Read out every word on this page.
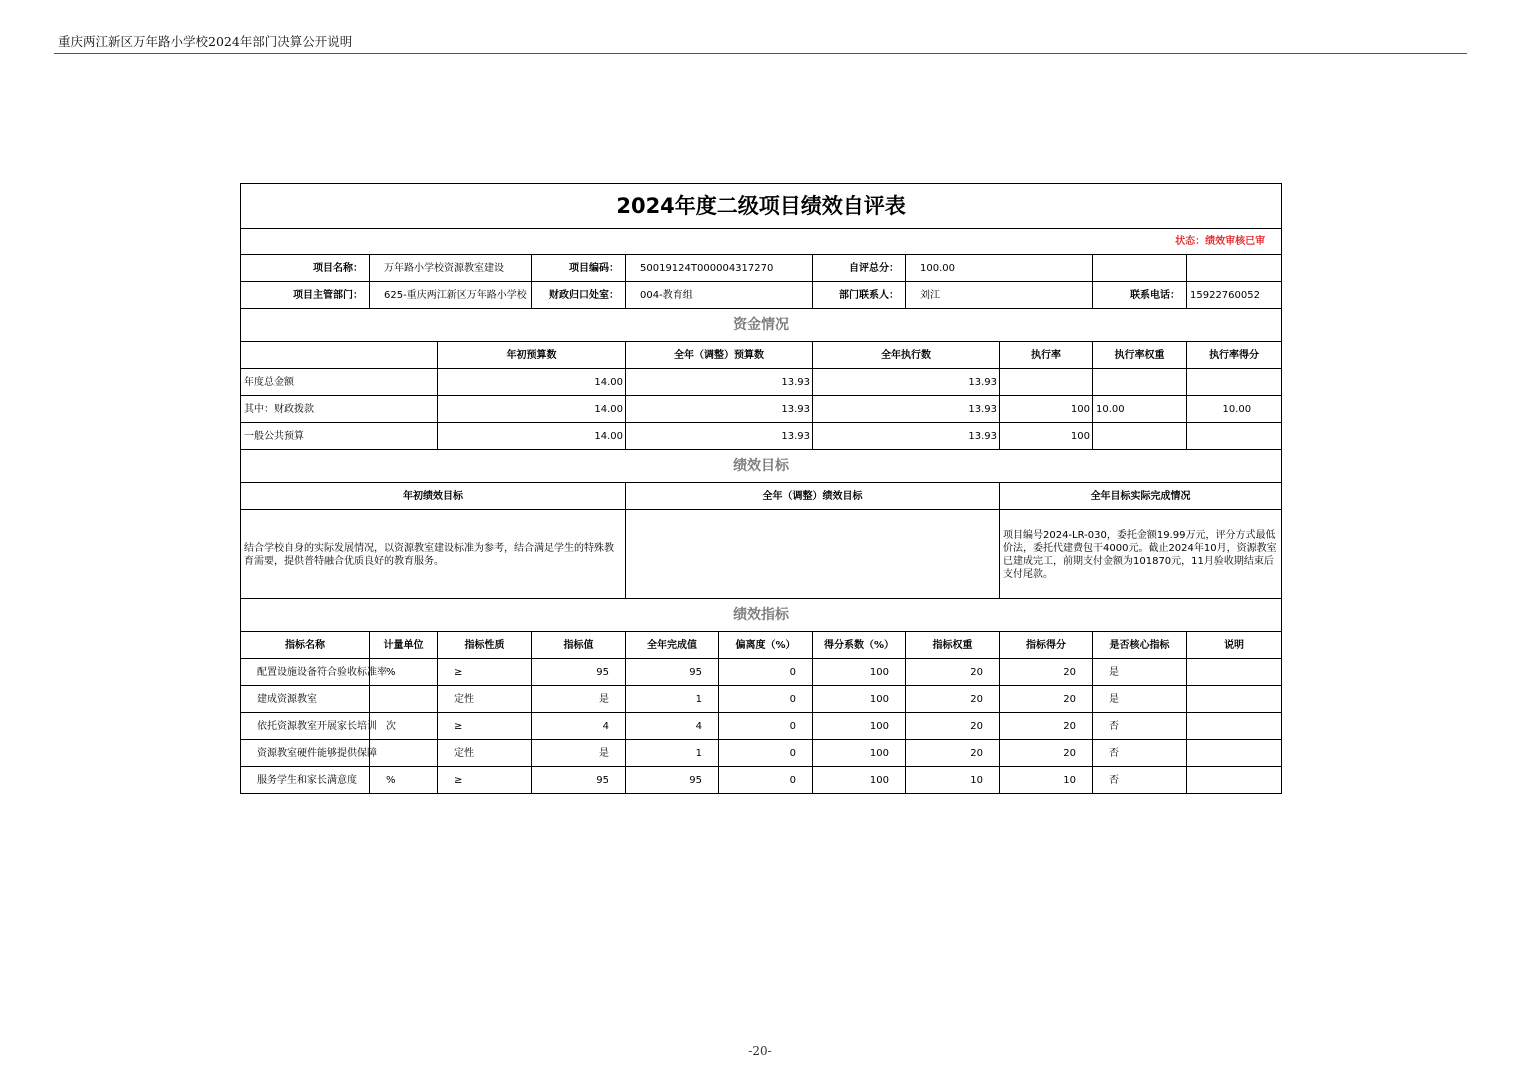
重庆两江新区万年路小学校2024年部门决算公开说明
2024年度二级项目绩效自评表										
状态：绩效审核已审										
项目名称：	万年路小学校资源教室建设		项目编码：	50019124T000004317270		自评总分：	100.00			
项目主管部门：	625-重庆两江新区万年路小学校		财政归口处室：	004-教育组		部门联系人：	刘江		联系电话：	15922760052
资金情况										
		年初预算数		全年（调整）预算数		全年执行数		执行率	执行率权重	执行率得分
年度总金额		14.00		13.93		13.93				
其中：财政拨款		14.00		13.93		13.93		100	10.00	10.00
一般公共预算		14.00		13.93		13.93		100		
绩效目标										
年初绩效目标				全年（调整）绩效目标				全年目标实际完成情况		
结合学校自身的实际发展情况，以资源教室建设标准为参考，结合满足学生的特殊教育需要，提供普特融合优质良好的教育服务。								项目编号2024-LR-030，委托金额19.99万元，评分方式最低价法，委托代建费包干4000元。截止2024年10月，资源教室已建成完工，前期支付金额为101870元，11月验收期结束后支付尾款。		
绩效指标										
指标名称	计量单位	指标性质	指标值	全年完成值	偏离度（%）	得分系数（%）	指标权重	指标得分	是否核心指标	说明
配置设施设备符合验收标准率	%	≥	95	95	0	100	20	20	是	
建成资源教室		定性	是	1	0	100	20	20	是	
依托资源教室开展家长培训	次	≥	4	4	0	100	20	20	否	
资源教室硬件能够提供保障		定性	是	1	0	100	20	20	否	
服务学生和家长满意度	%	≥	95	95	0	100	10	10	否	
-20-
